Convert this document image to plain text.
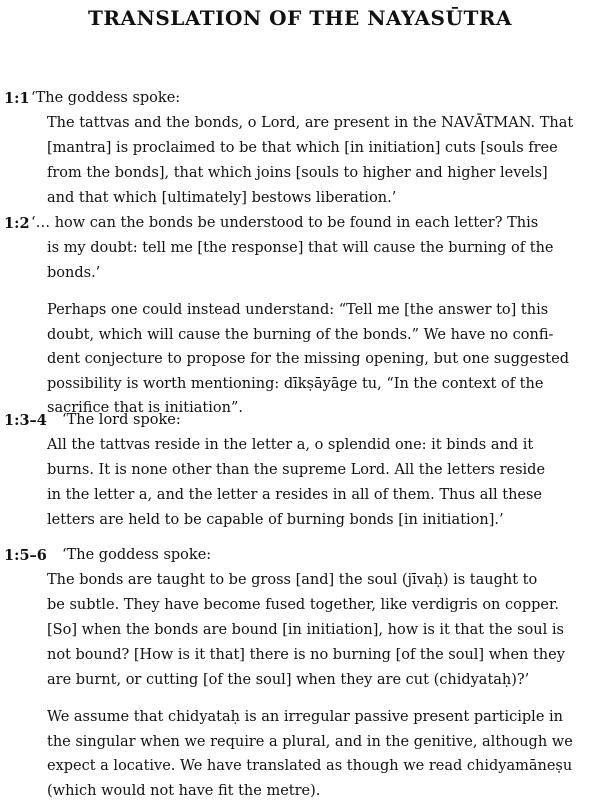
TRANSLATION OF THE NAYASŪTRA
1:1 ‘The goddess spoke:
The tattvas and the bonds, o Lord, are present in the NAVĀTMAN. That
[mantra] is proclaimed to be that which [in initiation] cuts [souls free
from the bonds], that which joins [souls to higher and higher levels]
and that which [ultimately] bestows liberation.’
1:2 ‘… how can the bonds be understood to be found in each letter? This
is my doubt: tell me [the response] that will cause the burning of the
bonds.’

Perhaps one could instead understand: “Tell me [the answer to] this

doubt, which will cause the burning of the bonds.” We have no confi-

dent conjecture to propose for the missing opening, but one suggested

possibility is worth mentioning: dīkṣāyāge tu, “In the context of the

sacrifice that is initiation”.

1:3–4 ‘The lord spoke:
All the tattvas reside in the letter a, o splendid one: it binds and it
burns. It is none other than the supreme Lord. All the letters reside
in the letter a, and the letter a resides in all of them. Thus all these
letters are held to be capable of burning bonds [in initiation].’
1:5–6 ‘The goddess spoke:
The bonds are taught to be gross [and] the soul (jīvaḥ) is taught to
be subtle. They have become fused together, like verdigris on copper.
[So] when the bonds are bound [in initiation], how is it that the soul is
not bound? [How is it that] there is no burning [of the soul] when they
are burnt, or cutting [of the soul] when they are cut (chidyataḥ)?’

We assume that chidyataḥ is an irregular passive present participle in

the singular when we require a plural, and in the genitive, although we

expect a locative. We have translated as though we read chidyamāneṣu

(which would not have fit the metre).
